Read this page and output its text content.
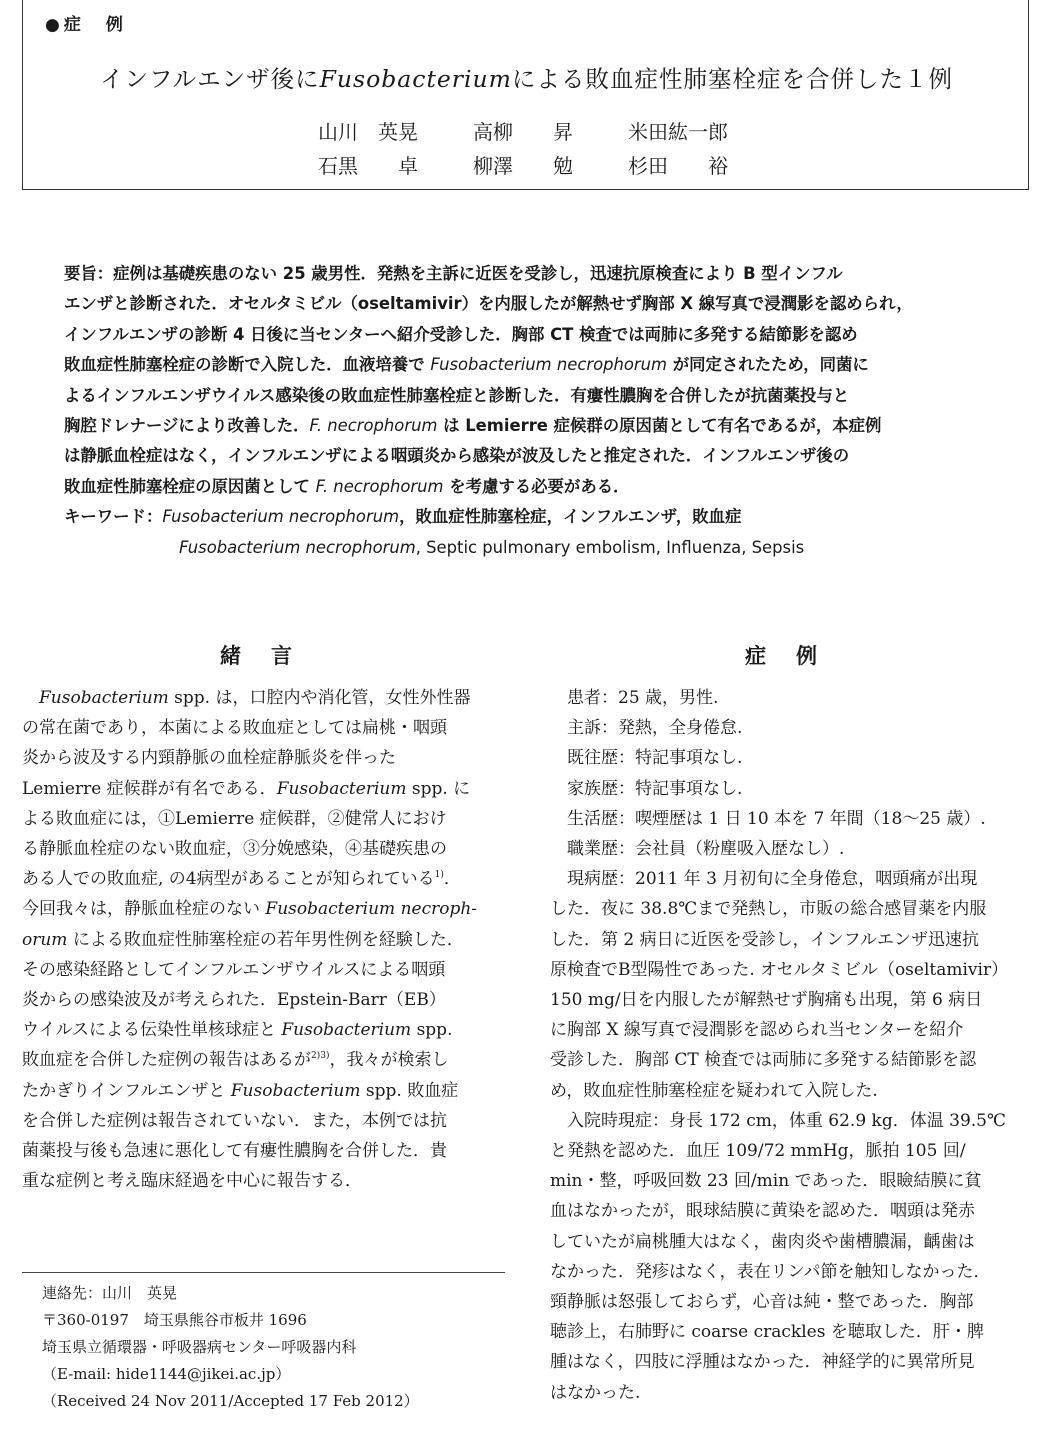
●症　例
インフルエンザ後にFusobacteriumによる敗血症性肺塞栓症を合併した１例
山川　英晃	高柳　　昇	米田紘一郎
石黒　　卓	柳澤　　勉	杉田　　裕

要旨：症例は基礎疾患のない 25 歳男性．発熱を主訴に近医を受診し，迅速抗原検査により B 型インフル

エンザと診断された．オセルタミビル（oseltamivir）を内服したが解熱せず胸部 X 線写真で浸潤影を認められ，

インフルエンザの診断 4 日後に当センターへ紹介受診した．胸部 CT 検査では両肺に多発する結節影を認め

敗血症性肺塞栓症の診断で入院した．血液培養で Fusobacterium necrophorum が同定されたため，同菌に

よるインフルエンザウイルス感染後の敗血症性肺塞栓症と診断した．有瘻性膿胸を合併したが抗菌薬投与と

胸腔ドレナージにより改善した．F. necrophorum は Lemierre 症候群の原因菌として有名であるが，本症例

は静脈血栓症はなく，インフルエンザによる咽頭炎から感染が波及したと推定された．インフルエンザ後の

敗血症性肺塞栓症の原因菌として F. necrophorum を考慮する必要がある．

キーワード： Fusobacterium necrophorum ，敗血症性肺塞栓症，インフルエンザ，敗血症
Fusobacterium necrophorum, Septic pulmonary embolism, Influenza, Sepsis
緒言

Fusobacterium spp. は，口腔内や消化管，女性外性器

の常在菌であり，本菌による敗血症としては扁桃・咽頭

炎から波及する内頸静脈の血栓症静脈炎を伴った

Lemierre 症候群が有名である．Fusobacterium spp. に

よる敗血症には，①Lemierre 症候群，②健常人におけ

る静脈血栓症のない敗血症，③分娩感染，④基礎疾患の

ある人での敗血症, の4病型があることが知られている$^{1)}$．

今回我々は，静脈血栓症のない Fusobacterium necroph-

orum による敗血症性肺塞栓症の若年男性例を経験した．

その感染経路としてインフルエンザウイルスによる咽頭

炎からの感染波及が考えられた．Epstein-Barr（EB）

ウイルスによる伝染性単核球症と Fusobacterium spp.

敗血症を合併した症例の報告はあるが$^{2)3)}$，我々が検索し

たかぎりインフルエンザと Fusobacterium spp. 敗血症

を合併した症例は報告されていない．また，本例では抗

菌薬投与後も急速に悪化して有瘻性膿胸を合併した．貴

重な症例と考え臨床経過を中心に報告する．

症例

患者：25 歳，男性.

主訴：発熱，全身倦怠.

既往歴：特記事項なし.

家族歴：特記事項なし.

生活歴：喫煙歴は 1 日 10 本を 7 年間（18〜25 歳）.

職業歴：会社員（粉塵吸入歴なし）.

現病歴：2011 年 3 月初旬に全身倦怠，咽頭痛が出現

した．夜に 38.8℃まで発熱し，市販の総合感冒薬を内服

した．第 2 病日に近医を受診し，インフルエンザ迅速抗

原検査でB型陽性であった. オセルタミビル（oseltamivir）

150 mg/日を内服したが解熱せず胸痛も出現，第 6 病日

に胸部 X 線写真で浸潤影を認められ当センターを紹介

受診した．胸部 CT 検査では両肺に多発する結節影を認

め，敗血症性肺塞栓症を疑われて入院した.

入院時現症：身長 172 cm，体重 62.9 kg．体温 39.5℃

と発熱を認めた．血圧 109/72 mmHg，脈拍 105 回/

min・整，呼吸回数 23 回/min であった．眼瞼結膜に貧

血はなかったが，眼球結膜に黄染を認めた．咽頭は発赤

していたが扁桃腫大はなく，歯肉炎や歯槽膿漏，齲歯は

なかった．発疹はなく，表在リンパ節を触知しなかった．

頸静脈は怒張しておらず，心音は純・整であった．胸部

聴診上，右肺野に coarse crackles を聴取した．肝・脾

腫はなく，四肢に浮腫はなかった．神経学的に異常所見

はなかった.

連絡先：山川　英晃
〒360-0197　埼玉県熊谷市板井 1696
埼玉県立循環器・呼吸器病センター呼吸器内科
（E-mail: hide1144@jikei.ac.jp）
（Received 24 Nov 2011/Accepted 17 Feb 2012）
